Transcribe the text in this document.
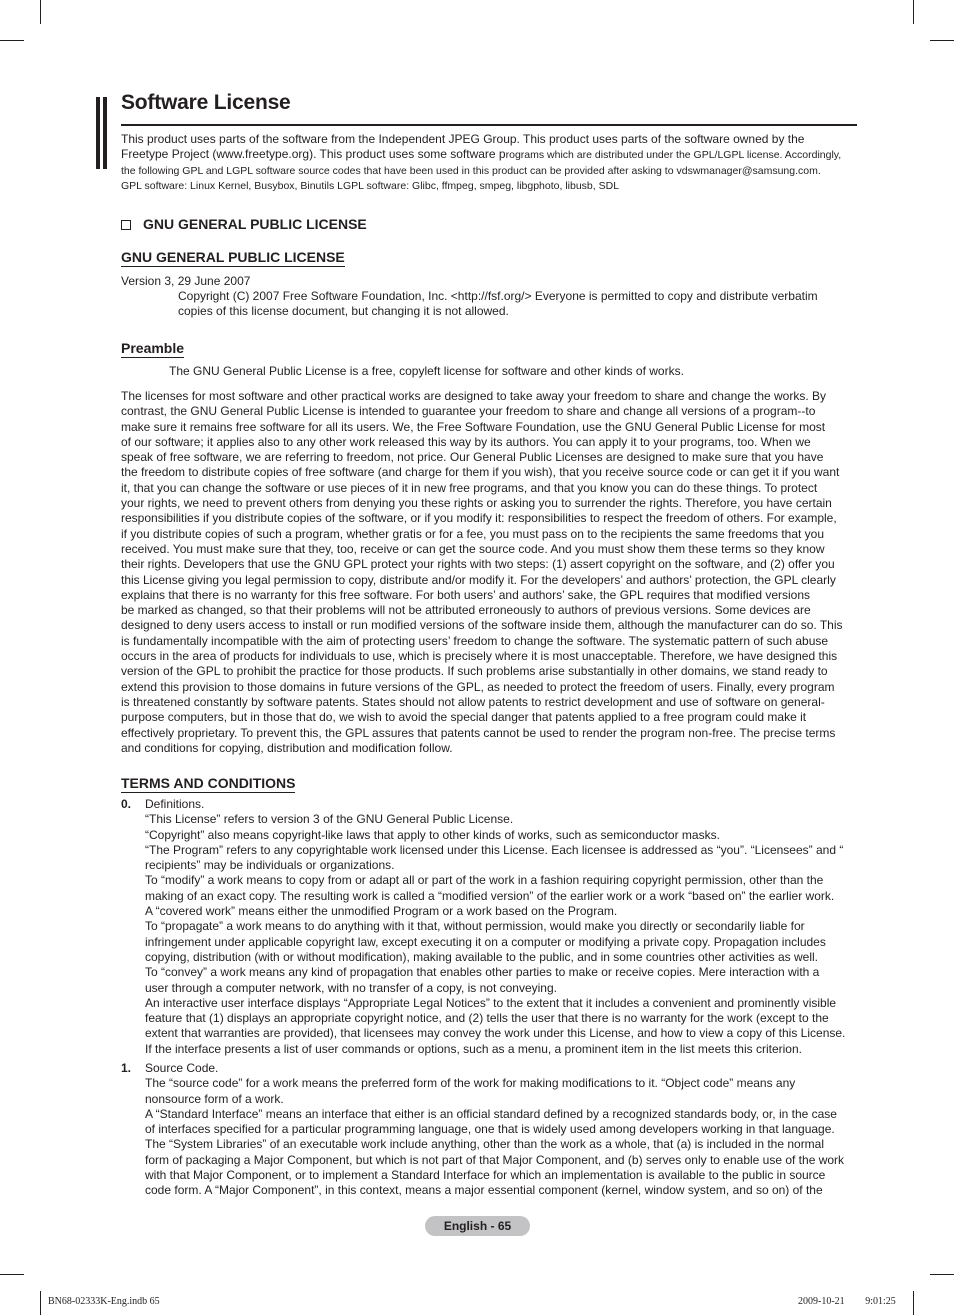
Software License
This product uses parts of the software from the Independent JPEG Group. This product uses parts of the software owned by the
Freetype Project (www.freetype.org). This product uses some software programs which are distributed under the GPL/LGPL license. Accordingly,
the following GPL and LGPL software source codes that have been used in this product can be provided after asking to vdswmanager@samsung.com.
GPL software: Linux Kernel, Busybox, Binutils LGPL software: Glibc, ffmpeg, smpeg, libgphoto, libusb, SDL
GNU GENERAL PUBLIC LICENSE
GNU GENERAL PUBLIC LICENSE
Version 3, 29 June 2007
Copyright (C) 2007 Free Software Foundation, Inc. <http://fsf.org/> Everyone is permitted to copy and distribute verbatim
copies of this license document, but changing it is not allowed.
Preamble
The GNU General Public License is a free, copyleft license for software and other kinds of works.
The licenses for most software and other practical works are designed to take away your freedom to share and change the works. By
contrast, the GNU General Public License is intended to guarantee your freedom to share and change all versions of a program--to
make sure it remains free software for all its users. We, the Free Software Foundation, use the GNU General Public License for most
of our software; it applies also to any other work released this way by its authors. You can apply it to your programs, too. When we
speak of free software, we are referring to freedom, not price. Our General Public Licenses are designed to make sure that you have
the freedom to distribute copies of free software (and charge for them if you wish), that you receive source code or can get it if you want
it, that you can change the software or use pieces of it in new free programs, and that you know you can do these things. To protect
your rights, we need to prevent others from denying you these rights or asking you to surrender the rights. Therefore, you have certain
responsibilities if you distribute copies of the software, or if you modify it: responsibilities to respect the freedom of others. For example,
if you distribute copies of such a program, whether gratis or for a fee, you must pass on to the recipients the same freedoms that you
received. You must make sure that they, too, receive or can get the source code. And you must show them these terms so they know
their rights. Developers that use the GNU GPL protect your rights with two steps: (1) assert copyright on the software, and (2) offer you
this License giving you legal permission to copy, distribute and/or modify it. For the developers’ and authors’ protection, the GPL clearly
explains that there is no warranty for this free software. For both users’ and authors’ sake, the GPL requires that modified versions
be marked as changed, so that their problems will not be attributed erroneously to authors of previous versions. Some devices are
designed to deny users access to install or run modified versions of the software inside them, although the manufacturer can do so. This
is fundamentally incompatible with the aim of protecting users’ freedom to change the software. The systematic pattern of such abuse
occurs in the area of products for individuals to use, which is precisely where it is most unacceptable. Therefore, we have designed this
version of the GPL to prohibit the practice for those products. If such problems arise substantially in other domains, we stand ready to
extend this provision to those domains in future versions of the GPL, as needed to protect the freedom of users. Finally, every program
is threatened constantly by software patents. States should not allow patents to restrict development and use of software on general-
purpose computers, but in those that do, we wish to avoid the special danger that patents applied to a free program could make it
effectively proprietary. To prevent this, the GPL assures that patents cannot be used to render the program non-free. The precise terms
and conditions for copying, distribution and modification follow.
TERMS AND CONDITIONS
0. Definitions.
“This License” refers to version 3 of the GNU General Public License.
“Copyright” also means copyright-like laws that apply to other kinds of works, such as semiconductor masks.
“The Program” refers to any copyrightable work licensed under this License. Each licensee is addressed as “you”. “Licensees” and “
recipients” may be individuals or organizations.
To “modify” a work means to copy from or adapt all or part of the work in a fashion requiring copyright permission, other than the
making of an exact copy. The resulting work is called a “modified version” of the earlier work or a work “based on” the earlier work.
A “covered work” means either the unmodified Program or a work based on the Program.
To “propagate” a work means to do anything with it that, without permission, would make you directly or secondarily liable for
infringement under applicable copyright law, except executing it on a computer or modifying a private copy. Propagation includes
copying, distribution (with or without modification), making available to the public, and in some countries other activities as well.
To “convey” a work means any kind of propagation that enables other parties to make or receive copies. Mere interaction with a
user through a computer network, with no transfer of a copy, is not conveying.
An interactive user interface displays “Appropriate Legal Notices” to the extent that it includes a convenient and prominently visible
feature that (1) displays an appropriate copyright notice, and (2) tells the user that there is no warranty for the work (except to the
extent that warranties are provided), that licensees may convey the work under this License, and how to view a copy of this License.
If the interface presents a list of user commands or options, such as a menu, a prominent item in the list meets this criterion.
1. Source Code.
The “source code” for a work means the preferred form of the work for making modifications to it. “Object code” means any
nonsource form of a work.
A “Standard Interface” means an interface that either is an official standard defined by a recognized standards body, or, in the case
of interfaces specified for a particular programming language, one that is widely used among developers working in that language.
The “System Libraries” of an executable work include anything, other than the work as a whole, that (a) is included in the normal
form of packaging a Major Component, but which is not part of that Major Component, and (b) serves only to enable use of the work
with that Major Component, or to implement a Standard Interface for which an implementation is available to the public in source
code form. A “Major Component”, in this context, means a major essential component (kernel, window system, and so on) of the
English - 65
BN68-02333K-Eng.indb 65	2009-10-21    9:01:25
